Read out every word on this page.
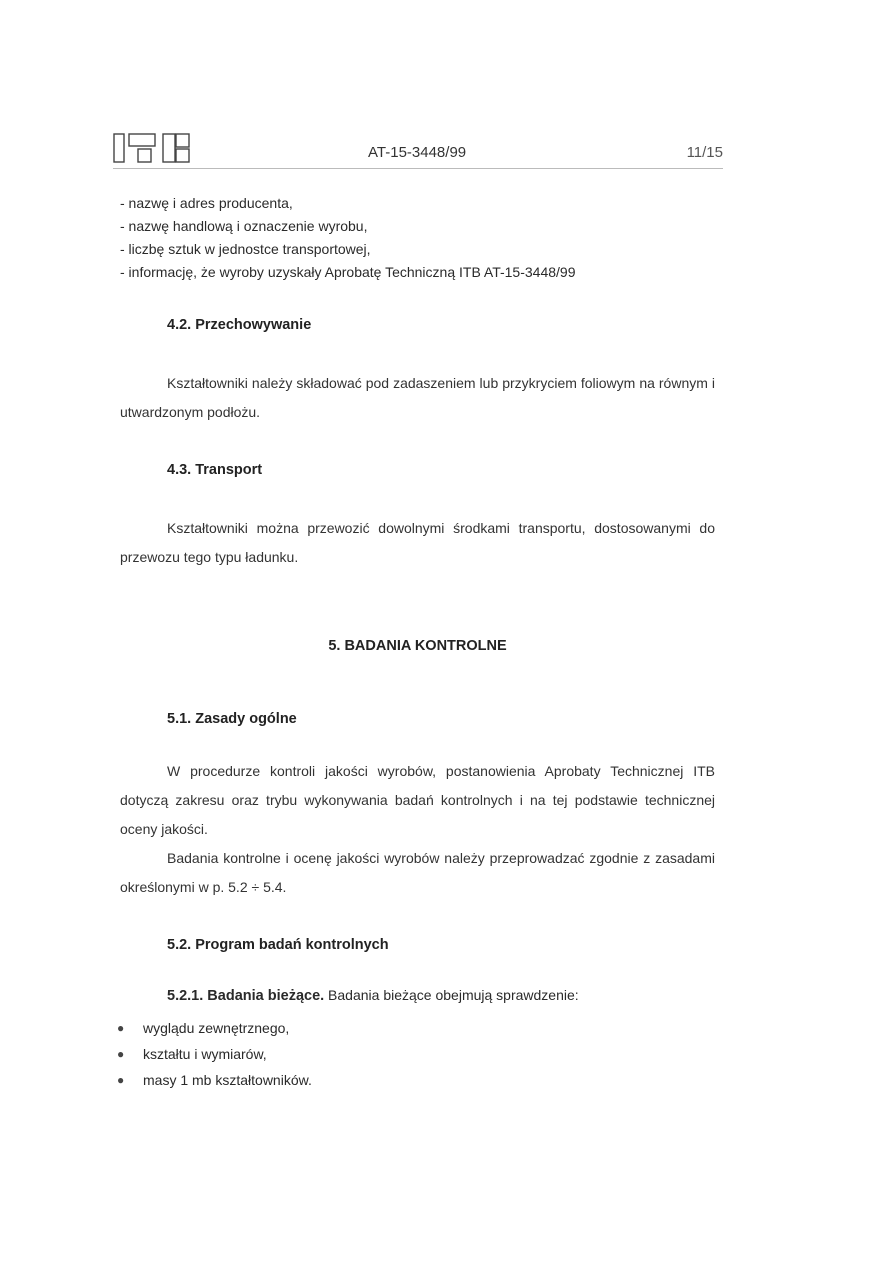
AT-15-3448/99	11/15

- nazwę i adres producenta,

- nazwę handlową i oznaczenie wyrobu,

- liczbę sztuk w jednostce transportowej,

- informację, że wyroby uzyskały Aprobatę Techniczną ITB AT-15-3448/99

4.2. Przechowywanie

Kształtowniki należy składować pod zadaszeniem lub przykryciem foliowym na równym i utwardzonym podłożu.

4.3. Transport

Kształtowniki można przewozić dowolnymi środkami transportu, dostosowanymi do przewozu tego typu ładunku.

5. BADANIA KONTROLNE

5.1. Zasady ogólne

W procedurze kontroli jakości wyrobów, postanowienia Aprobaty Technicznej ITB dotyczą zakresu oraz trybu wykonywania badań kontrolnych i na tej podstawie technicznej oceny jakości.

Badania kontrolne i ocenę jakości wyrobów należy przeprowadzać zgodnie z zasadami określonymi w p. 5.2 ÷ 5.4.

5.2. Program badań kontrolnych

5.2.1. Badania bieżące. Badania bieżące obejmują sprawdzenie:

●	wyglądu zewnętrznego,

●	kształtu i wymiarów,

●	masy 1 mb kształtowników.
